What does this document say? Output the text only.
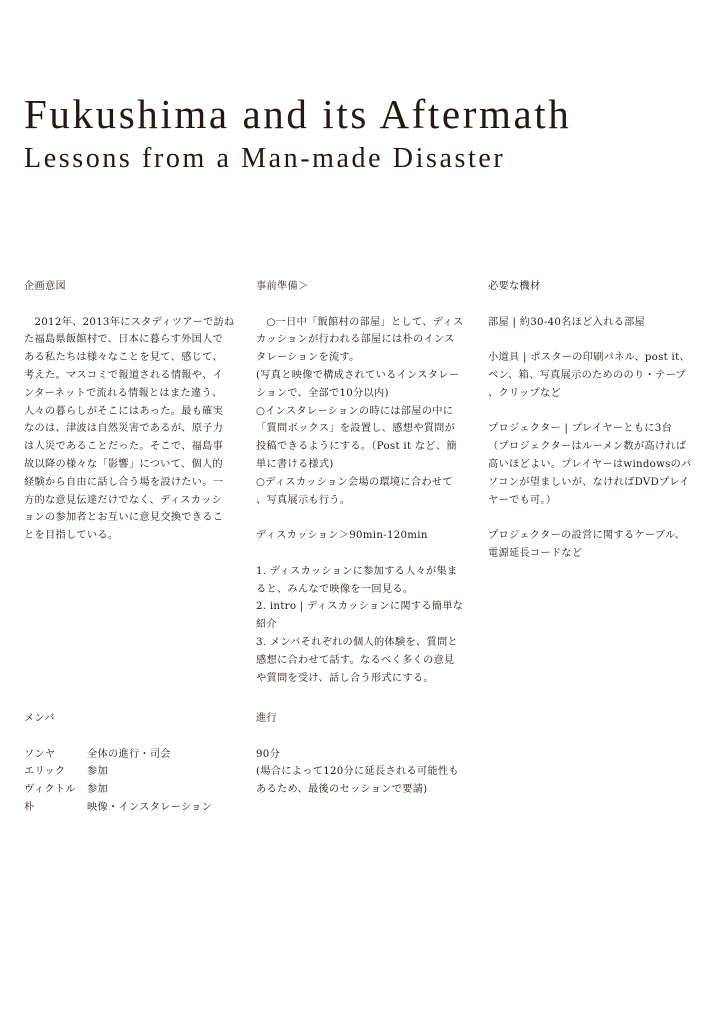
Fukushima and its Aftermath
Lessons from a Man-made Disaster

企画意図

　2012年、2013年にスタディツアーで訪ね
た福島県飯館村で、日本に暮らす外国人で
ある私たちは様々なことを見て、感じて、
考えた。マスコミで報道される情報や、イ
ンターネットで流れる情報とはまた違う、
人々の暮らしがそこにはあった。最も確実
なのは、津波は自然災害であるが、原子力
は人災であることだった。そこで、福島事
故以降の様々な「影響」について、個人的
経験から自由に話し合う場を設けたい。一
方的な意見伝達だけでなく、ディスカッシ
ョンの参加者とお互いに意見交換できるこ
とを目指している。

事前準備＞

　○一日中「飯館村の部屋」として、ディス
カッションが行われる部屋には朴のインス
タレーションを流す。
(写真と映像で構成されているインスタレー
ションで、全部で10分以内)
○インスタレーションの時には部屋の中に
「質問ボックス」を設置し、感想や質問が
投稿できるようにする。（Post it など、簡
単に書ける様式)
○ディスカッション会場の環境に合わせて
、写真展示も行う。

ディスカッション＞90min-120min

1. ディスカッションに参加する人々が集ま
ると、みんなで映像を一回見る。
2. intro | ディスカッションに関する簡単な
紹介
3. メンバそれぞれの個人的体験を、質問と
感想に合わせて話す。なるべく多くの意見
や質問を受け、話し合う形式にする。

必要な機材

部屋 | 約30-40名ほど入れる部屋
小道具 | ポスターの印刷パネル、post it、
ペン、箱、写真展示のためののり・テープ
、クリップなど
プロジェクター | プレイヤーともに3台
（プロジェクターはルーメン数が高ければ
高いほどよい。プレイヤーはwindowsのパ
ソコンが望ましいが、なければDVDプレイ
ヤーでも可。）
プロジェクターの設営に関するケーブル、
電源延長コードなど

メンバ

ソンヤ	全体の進行・司会
エリック	参加
ヴィクトル	参加
朴	映像・インスタレーション

進行

90分
(場合によって120分に延長される可能性も
あるため、最後のセッションで要請)
